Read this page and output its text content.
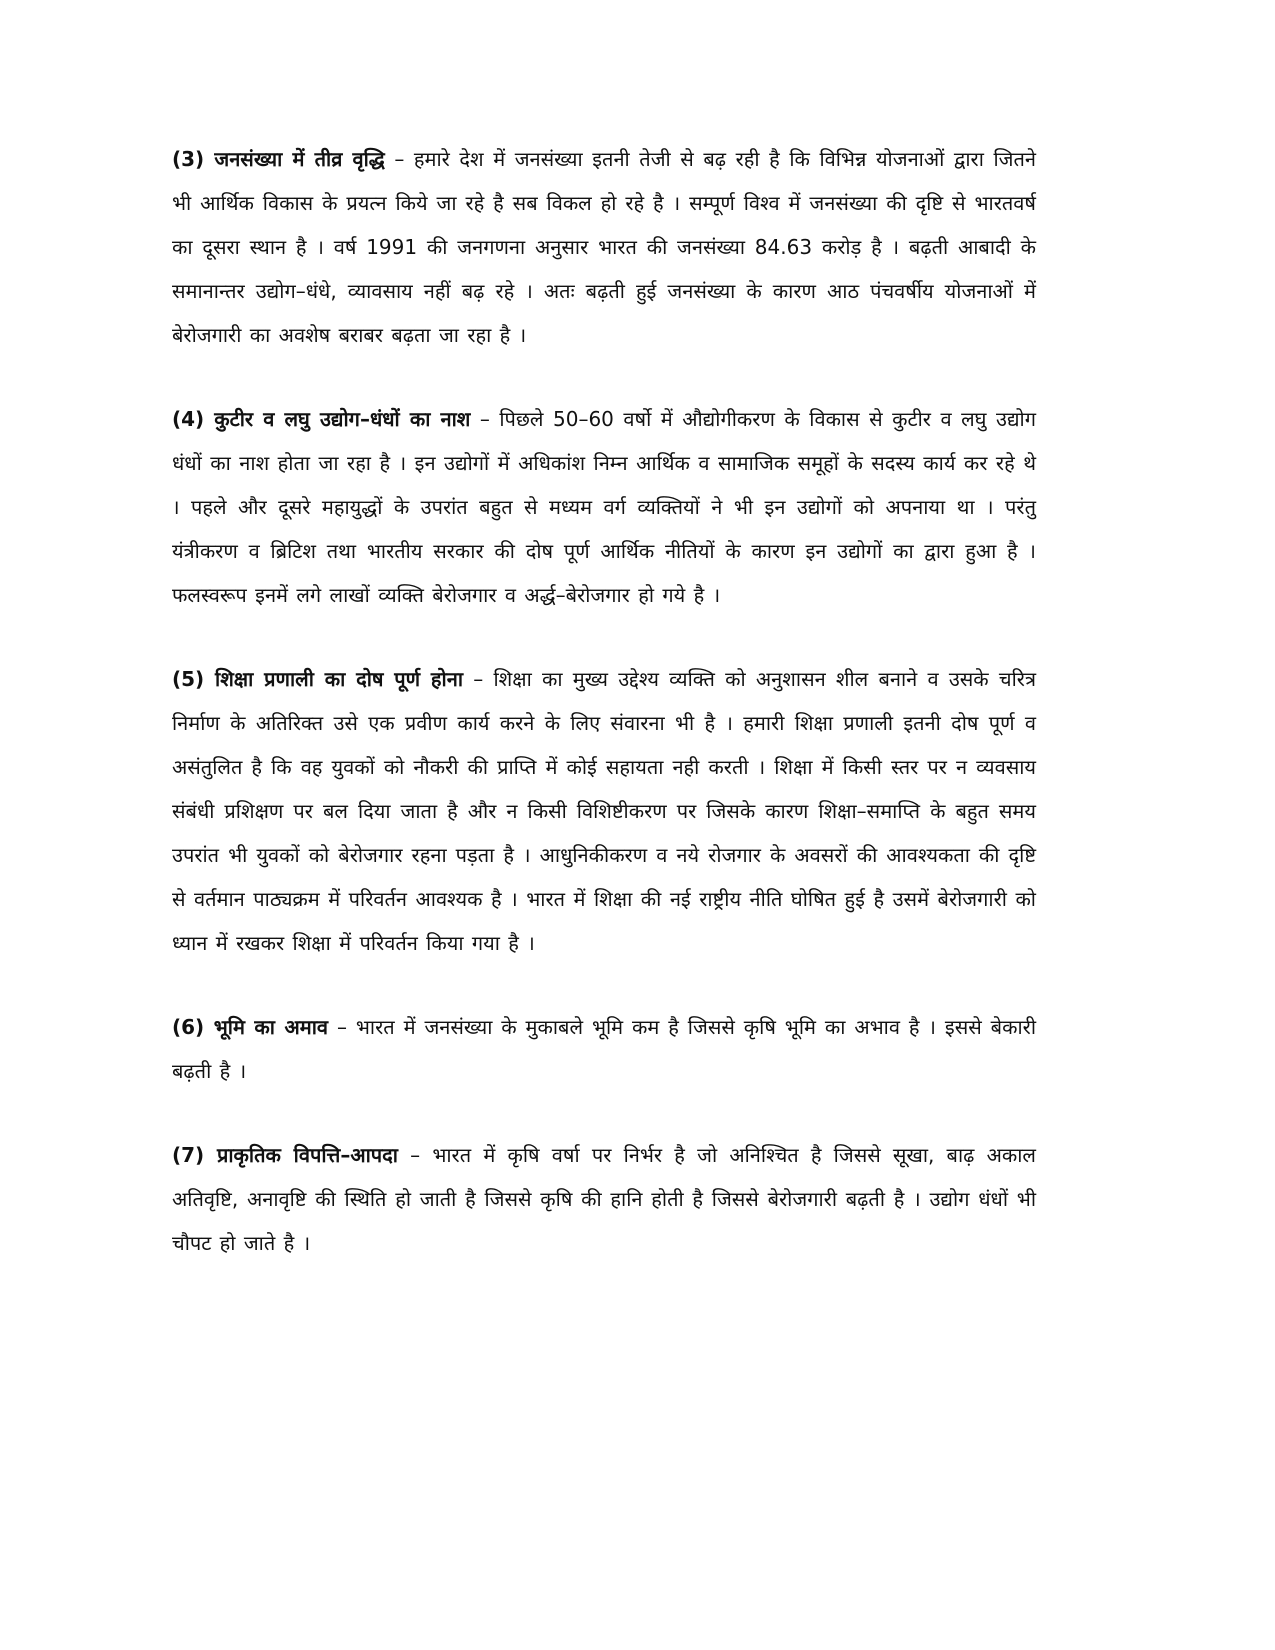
(3) जनसंख्या में तीव्र वृद्धि – हमारे देश में जनसंख्या इतनी तेजी से बढ़ रही है कि विभिन्न योजनाओं द्वारा जितने भी आर्थिक विकास के प्रयत्न किये जा रहे है सब विकल हो रहे है । सम्पूर्ण विश्व में जनसंख्या की दृष्टि से भारतवर्ष का दूसरा स्थान है । वर्ष 1991 की जनगणना अनुसार भारत की जनसंख्या 84.63 करोड़ है । बढ़ती आबादी के समानान्तर उद्योग–धंधे, व्यावसाय नहीं बढ़ रहे । अतः बढ़ती हुई जनसंख्या के कारण आठ पंचवर्षीय योजनाओं में बेरोजगारी का अवशेष बराबर बढ़ता जा रहा है ।

(4) कुटीर व लघु उद्योग–धंधों का नाश – पिछले 50–60 वर्षो में औद्योगीकरण के विकास से कुटीर व लघु उद्योग धंधों का नाश होता जा रहा है । इन उद्योगों में अधिकांश निम्न आर्थिक व सामाजिक समूहों के सदस्य कार्य कर रहे थे । पहले और दूसरे महायुद्धों के उपरांत बहुत से मध्यम वर्ग व्यक्तियों ने भी इन उद्योगों को अपनाया था । परंतु यंत्रीकरण व ब्रिटिश तथा भारतीय सरकार की दोष पूर्ण आर्थिक नीतियों के कारण इन उद्योगों का द्वारा हुआ है । फलस्वरूप इनमें लगे लाखों व्यक्ति बेरोजगार व अर्द्ध–बेरोजगार हो गये है ।

(5) शिक्षा प्रणाली का दोष पूर्ण होना – शिक्षा का मुख्य उद्देश्य व्यक्ति को अनुशासन शील बनाने व उसके चरित्र निर्माण के अतिरिक्त उसे एक प्रवीण कार्य करने के लिए संवारना भी है । हमारी शिक्षा प्रणाली इतनी दोष पूर्ण व असंतुलित है कि वह युवकों को नौकरी की प्राप्ति में कोई सहायता नही करती । शिक्षा में किसी स्तर पर न व्यवसाय संबंधी प्रशिक्षण पर बल दिया जाता है और न किसी विशिष्टीकरण पर जिसके कारण शिक्षा–समाप्ति के बहुत समय उपरांत भी युवकों को बेरोजगार रहना पड़ता है । आधुनिकीकरण व नये रोजगार के अवसरों की आवश्यकता की दृष्टि से वर्तमान पाठ्यक्रम में परिवर्तन आवश्यक है । भारत में शिक्षा की नई राष्ट्रीय नीति घोषित हुई है उसमें बेरोजगारी को ध्यान में रखकर शिक्षा में परिवर्तन किया गया है ।

(6) भूमि का अमाव – भारत में जनसंख्या के मुकाबले भूमि कम है जिससे कृषि भूमि का अभाव है । इससे बेकारी बढ़ती है ।

(7) प्राकृतिक विपत्ति–आपदा – भारत में कृषि वर्षा पर निर्भर है जो अनिश्चित है जिससे सूखा, बाढ़ अकाल अतिवृष्टि, अनावृष्टि की स्थिति हो जाती है जिससे कृषि की हानि होती है जिससे बेरोजगारी बढ़ती है । उद्योग धंधों भी चौपट हो जाते है ।
